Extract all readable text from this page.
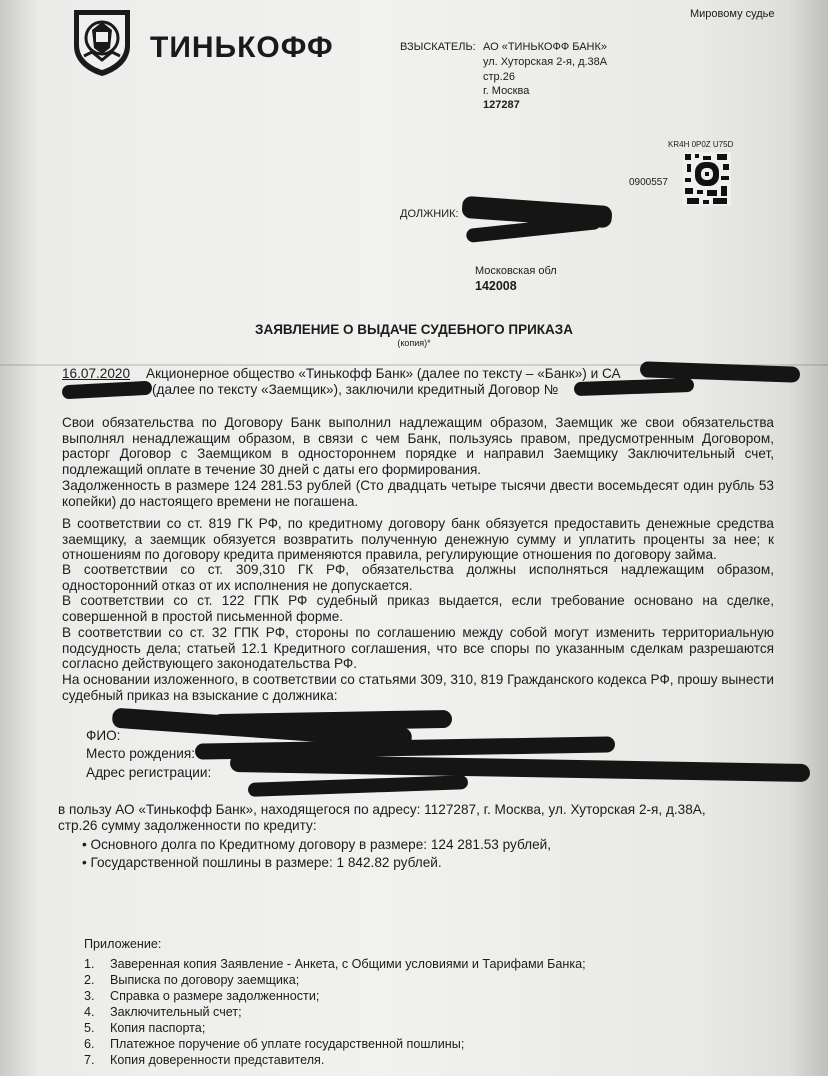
Мировому судье
ТИНЬКОФФ	ВЗЫСКАТЕЛЬ: АО «ТИНЬКОФФ БАНК»
ул. Хуторская 2-я, д.38А
стр.26
г. Москва
127287
KR4H 0P0Z U75D
0900557
ДОЛЖНИК:
Московская обл
142008
ЗАЯВЛЕНИЕ О ВЫДАЧЕ СУДЕБНОГО ПРИКАЗА
(копия)*
16.07.2020 Акционерное общество «Тинькофф Банк» (далее по тексту – «Банк») и СА
(далее по тексту «Заемщик»), заключили кредитный Договор №
Свои обязательства по Договору Банк выполнил надлежащим образом, Заемщик же свои обязательства выполнял ненадлежащим образом, в связи с чем Банк, пользуясь правом, предусмотренным Договором, расторг Договор с Заемщиком в одностороннем порядке и направил Заемщику Заключительный счет, подлежащий оплате в течение 30 дней с даты его формирования.
Задолженность в размере 124 281.53 рублей (Сто двадцать четыре тысячи двести восемьдесят один рубль 53 копейки) до настоящего времени не погашена.
В соответствии со ст. 819 ГК РФ, по кредитному договору банк обязуется предоставить денежные средства заемщику, а заемщик обязуется возвратить полученную денежную сумму и уплатить проценты за нее; к отношениям по договору кредита применяются правила, регулирующие отношения по договору займа.
В соответствии со ст. 309,310 ГК РФ, обязательства должны исполняться надлежащим образом, односторонний отказ от их исполнения не допускается.
В соответствии со ст. 122 ГПК РФ судебный приказ выдается, если требование основано на сделке, совершенной в простой письменной форме.
В соответствии со ст. 32 ГПК РФ, стороны по соглашению между собой могут изменить территориальную подсудность дела; статьей 12.1 Кредитного соглашения, что все споры по указанным сделкам разрешаются согласно действующего законодательства РФ.
На основании изложенного, в соответствии со статьями 309, 310, 819 Гражданского кодекса РФ, прошу вынести судебный приказ на взыскание с должника:
ФИО:
Место рождения:
Адрес регистрации:
в пользу АО «Тинькофф Банк», находящегося по адресу: 1127287, г. Москва, ул. Хуторская 2-я, д.38А,
стр.26 сумму задолженности по кредиту:
• Основного долга по Кредитному договору в размере: 124 281.53 рублей,
• Государственной пошлины в размере: 1 842.82 рублей.
Приложение:
1. Заверенная копия Заявление - Анкета, с Общими условиями и Тарифами Банка;
2. Выписка по договору заемщика;
3. Справка о размере задолженности;
4. Заключительный счет;
5. Копия паспорта;
6. Платежное поручение об уплате государственной пошлины;
7. Копия доверенности представителя.
